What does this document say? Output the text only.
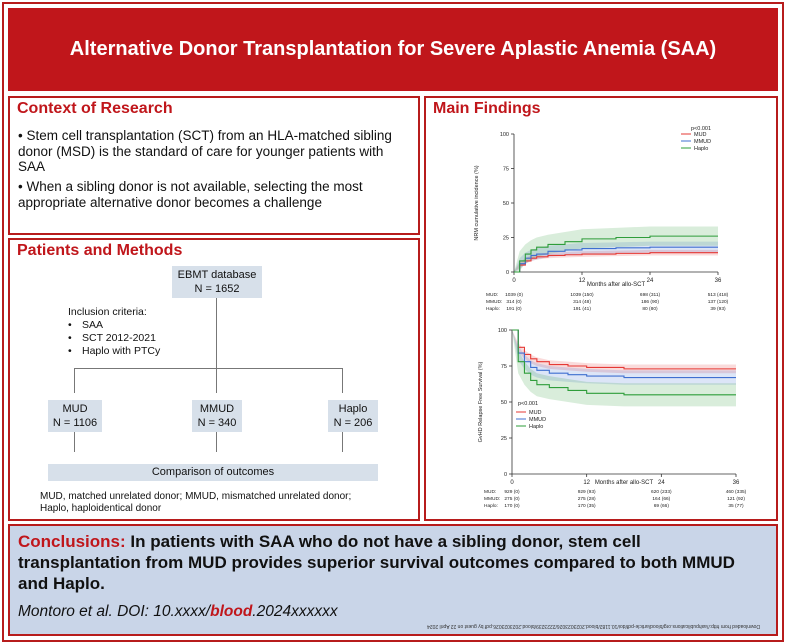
Alternative Donor Transplantation for Severe Aplastic Anemia (SAA)
Context of Research

• Stem cell transplantation (SCT) from an HLA-matched sibling donor (MSD) is the standard of care for younger patients with SAA

• When a sibling donor is not available, selecting the most appropriate alternative donor becomes a challenge

Patients and Methods
EBMT database
N = 1652
Inclusion criteria:
• SAA
• SCT 2012-2021
• Haplo with PTCy
MUD
N = 1106
MMUD
N = 340
Haplo
N = 206
Comparison of outcomes
MUD, matched unrelated donor; MMUD, mismatched unrelated donor;
Haplo, haploidentical donor
Main Findings
0
25
50
75
100
0	12	24	36
Months after allo-SCT
NRM cumulative incidence (%)
p<0.001
MUD
MMUD
Haplo
MUD: 1039 (0)	1039 (150)	698 (311)	513 (418)
MMUD: 314 (0)	314 (48)	186 (90)	137 (120)
Haplo: 191 (0)	191 (41)	80 (80)	39 (93)
0
25
50
75
100
0	12	24	36
Months after allo-SCT
GvHD Relapse Free Survival (%)	p<0.001
MUD
MMUD
Haplo
MUD: 929 (0)	929 (93)	620 (233)	460 (335)
MMUD: 275 (0)	275 (28)	164 (66)	121 (92)
Haplo: 170 (0)	170 (35)	69 (66)	35 (77)
Conclusions: In patients with SAA who do not have a sibling donor, stem cell transplantation from MUD provides superior survival outcomes compared to both MMUD and Haplo.
Montoro et al. DOI: 10.xxxx/blood.2024xxxxxx
Downloaded from http://ashpublications.org/blood/article-pdf/doi/10.1182/blood.2023023026/2223239/blood.2023023026.pdf by guest on 22 April 2024
